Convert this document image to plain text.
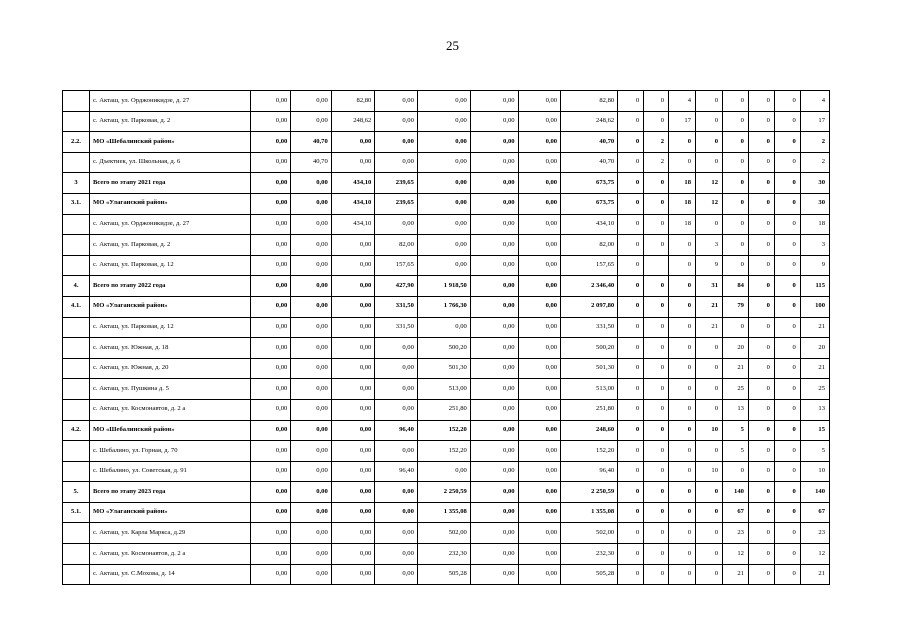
25
	с. Акташ, ул. Орджоникидзе, д. 27	0,00	0,00	82,80	0,00	0,00	0,00	0,00	82,80	0	0	4	0	0	0	0	4
	с. Акташ, ул. Парковая, д. 2	0,00	0,00	248,62	0,00	0,00	0,00	0,00	248,62	0	0	17	0	0	0	0	17
2.2.	МО «Шебалинский район»	0,00	40,70	0,00	0,00	0,00	0,00	0,00	40,70	0	2	0	0	0	0	0	2
	с. Дъектиек, ул. Школьная, д. 6	0,00	40,70	0,00	0,00	0,00	0,00	0,00	40,70	0	2	0	0	0	0	0	2
3	Всего по этапу 2021 года	0,00	0,00	434,10	239,65	0,00	0,00	0,00	673,75	0	0	18	12	0	0	0	30
3.1.	МО «Улаганский район»	0,00	0,00	434,10	239,65	0,00	0,00	0,00	673,75	0	0	18	12	0	0	0	30
	с. Акташ, ул. Орджоникидзе, д. 27	0,00	0,00	434,10	0,00	0,00	0,00	0,00	434,10	0	0	18	0	0	0	0	18
	с. Акташ, ул. Парковая, д. 2	0,00	0,00	0,00	82,00	0,00	0,00	0,00	82,00	0	0	0	3	0	0	0	3
	с. Акташ, ул. Парковая, д. 12	0,00	0,00	0,00	157,65	0,00	0,00	0,00	157,65	0		0	9	0	0	0	9
4.	Всего по этапу 2022 года	0,00	0,00	0,00	427,90	1 918,50	0,00	0,00	2 346,40	0	0	0	31	84	0	0	115
4.1.	МО «Улаганский район»	0,00	0,00	0,00	331,50	1 766,30	0,00	0,00	2 097,80	0	0	0	21	79	0	0	100
	с. Акташ, ул. Парковая, д. 12	0,00	0,00	0,00	331,50	0,00	0,00	0,00	331,50	0	0	0	21	0	0	0	21
	с. Акташ, ул. Южная, д. 18	0,00	0,00	0,00	0,00	500,20	0,00	0,00	500,20	0	0	0	0	20	0	0	20
	с. Акташ, ул. Южная, д. 20	0,00	0,00	0,00	0,00	501,30	0,00	0,00	501,30	0	0	0	0	21	0	0	21
	с. Акташ, ул. Пушкина д. 5	0,00	0,00	0,00	0,00	513,00	0,00	0,00	513,00	0	0	0	0	25	0	0	25
	с. Акташ, ул. Космонавтов, д. 2 а	0,00	0,00	0,00	0,00	251,80	0,00	0,00	251,80	0	0	0	0	13	0	0	13
4.2.	МО «Шебалинский район»	0,00	0,00	0,00	96,40	152,20	0,00	0,00	248,60	0	0	0	10	5	0	0	15
	с. Шебалино, ул. Горная, д. 70	0,00	0,00	0,00	0,00	152,20	0,00	0,00	152,20	0	0	0	0	5	0	0	5
	с. Шебалино, ул. Советская, д. 91	0,00	0,00	0,00	96,40	0,00	0,00	0,00	96,40	0	0	0	10	0	0	0	10
5.	Всего по этапу 2023 года	0,00	0,00	0,00	0,00	2 250,59	0,00	0,00	2 250,59	0	0	0	0	140	0	0	140
5.1.	МО «Улаганский район»	0,00	0,00	0,00	0,00	1 355,08	0,00	0,00	1 355,08	0	0	0	0	67	0	0	67
	с. Акташ, ул. Карла Маркса, д.29	0,00	0,00	0,00	0,00	502,00	0,00	0,00	502,00	0	0	0	0	23	0	0	23
	с. Акташ, ул. Космонавтов, д. 2 а	0,00	0,00	0,00	0,00	232,30	0,00	0,00	232,30	0	0	0	0	12	0	0	12
	с. Акташ, ул. С.Мохова, д. 14	0,00	0,00	0,00	0,00	505,28	0,00	0,00	505,28	0	0	0	0	21	0	0	21
